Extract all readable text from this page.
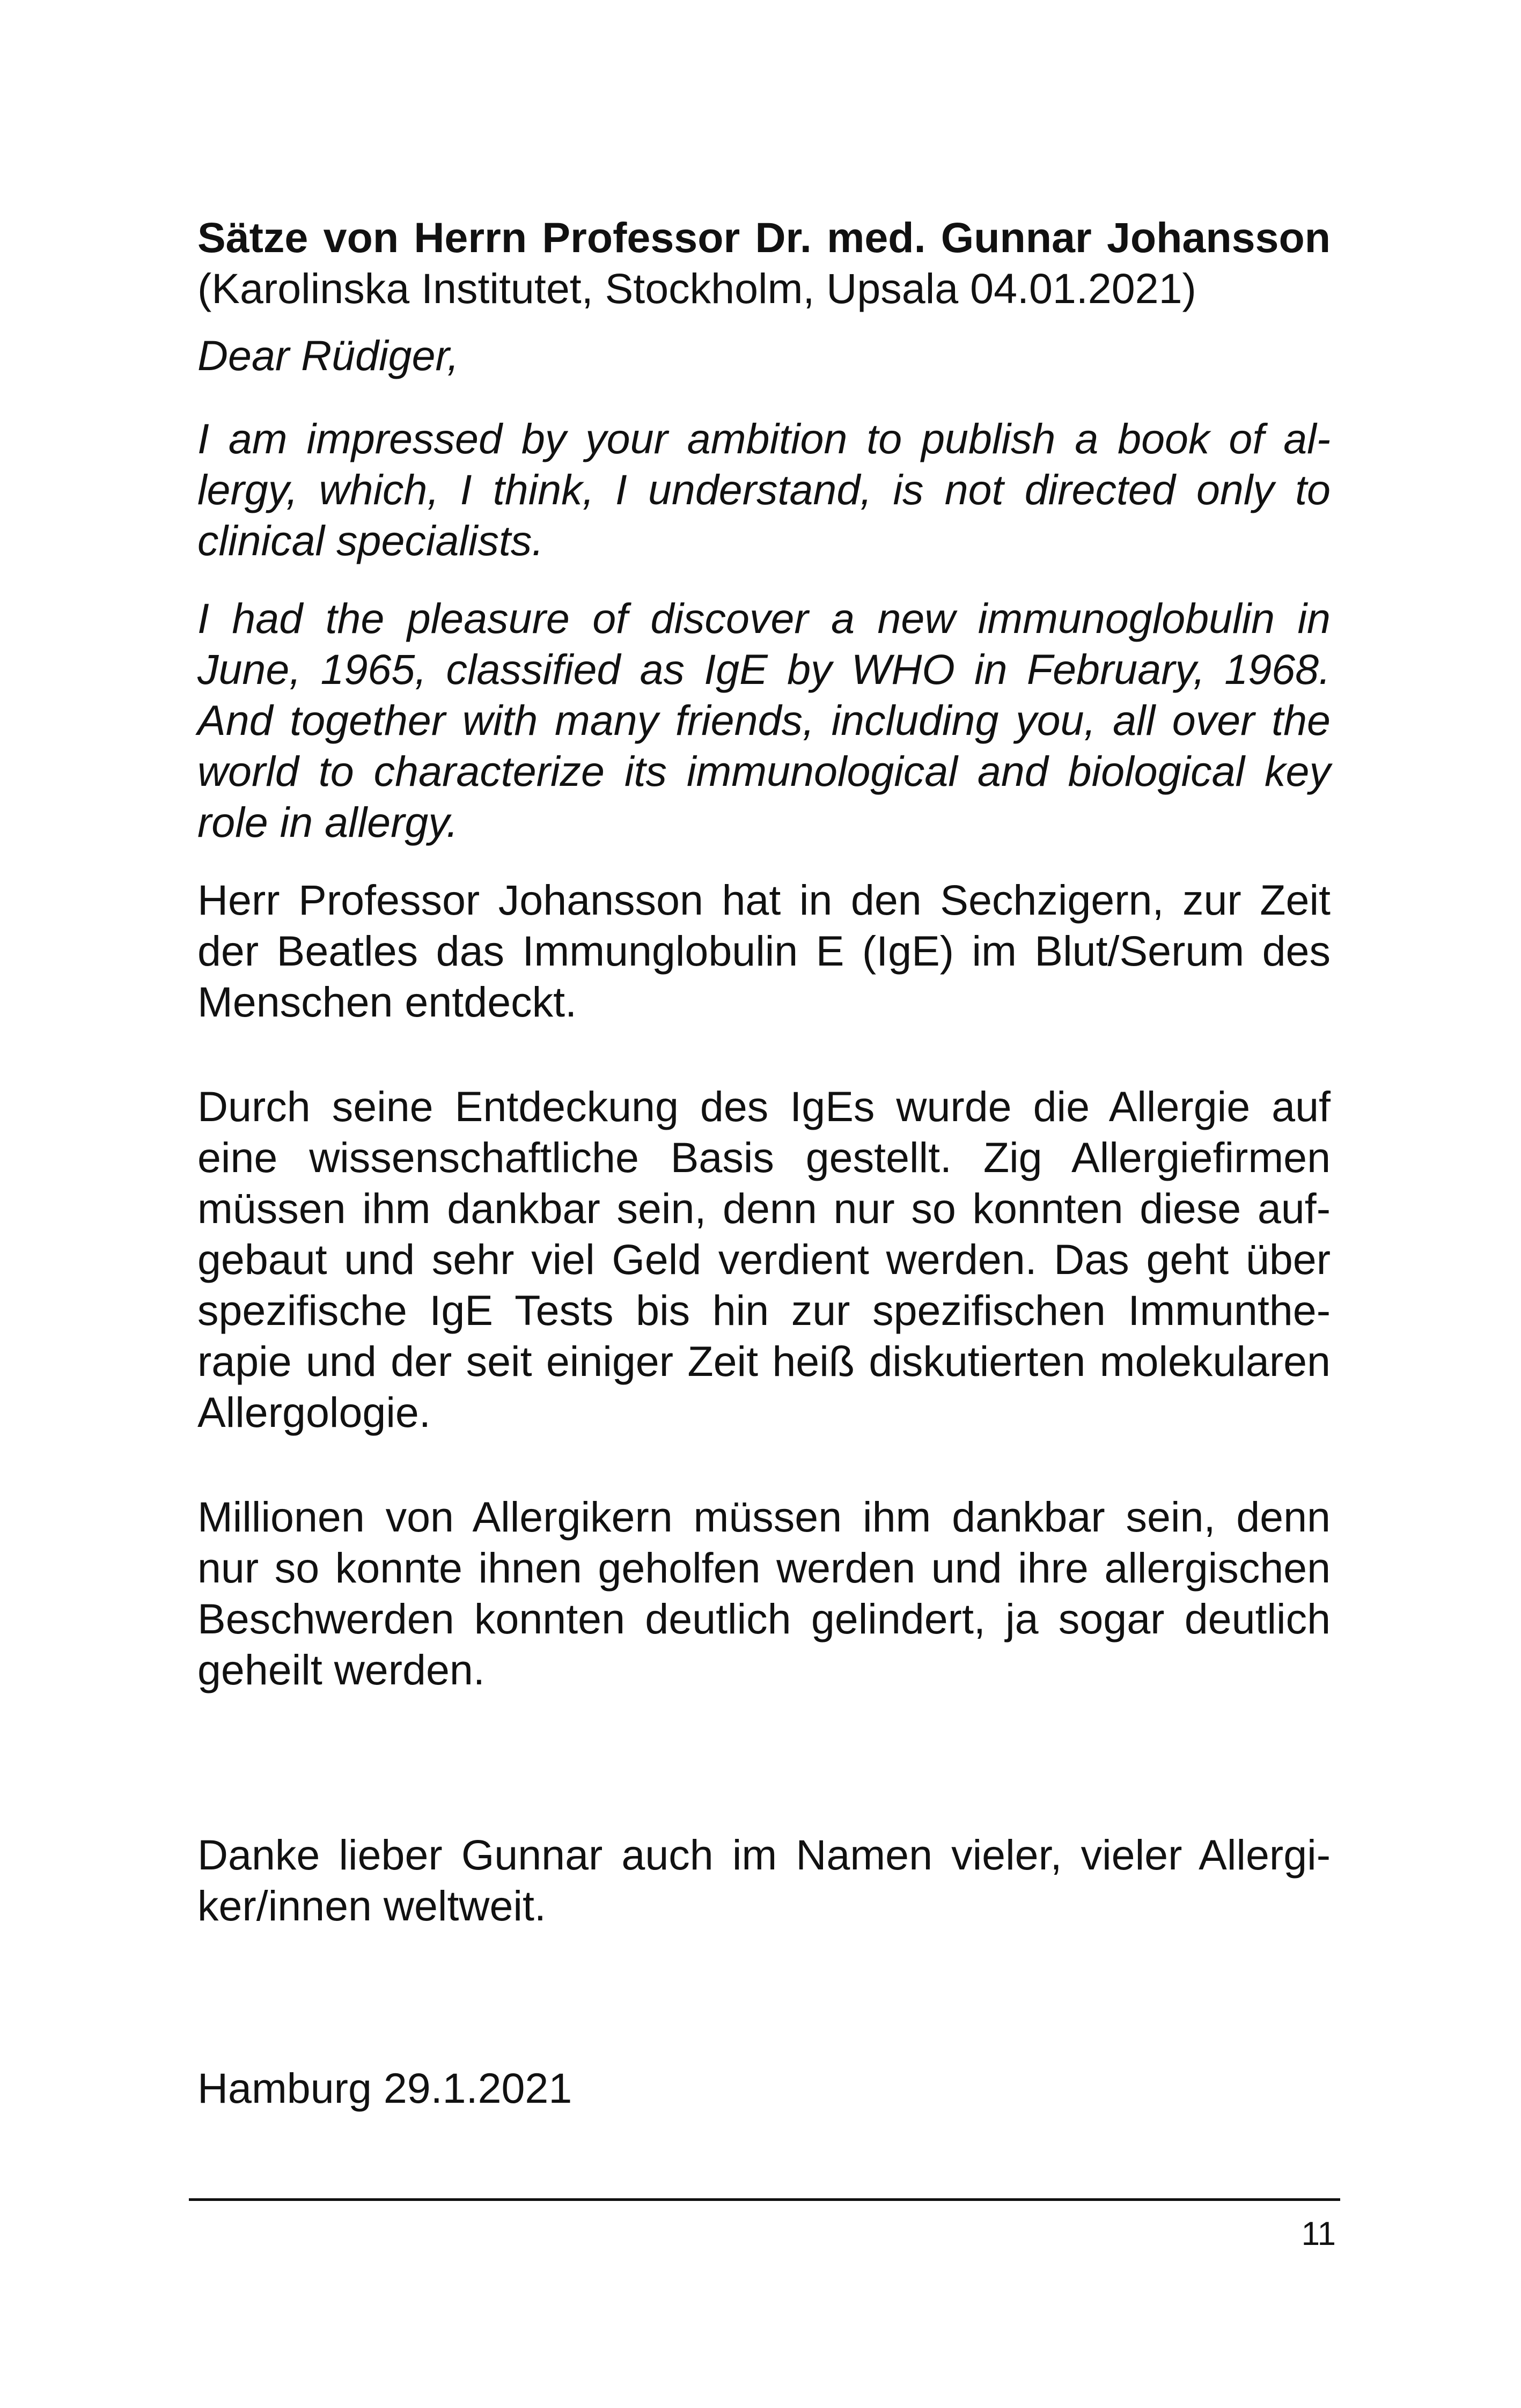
Sätze von Herrn Professor Dr. med. Gunnar Johansson (Karolinska Institutet, Stockholm, Upsala 04.01.2021)

Dear Rüdiger,

I am impressed by your ambition to publish a book of allergy, which, I think, I understand, is not directed only to clinical specialists.

I had the pleasure of discover a new immunoglobulin in June, 1965, classified as IgE by WHO in February, 1968. And together with many friends, including you, all over the world to characterize its immunological and biological key role in allergy.

Herr Professor Johansson hat in den Sechzigern, zur Zeit der Beatles das Immunglobulin E (IgE) im Blut/Serum des Menschen entdeckt.

Durch seine Entdeckung des IgEs wurde die Allergie auf eine wissenschaftliche Basis gestellt. Zig Allergiefirmen müssen ihm dankbar sein, denn nur so konnten diese aufgebaut und sehr viel Geld verdient werden. Das geht über spezifische IgE Tests bis hin zur spezifischen Immuntherapie und der seit einiger Zeit heiß diskutierten molekularen Allergologie.

Millionen von Allergikern müssen ihm dankbar sein, denn nur so konnte ihnen geholfen werden und ihre allergischen Beschwerden konnten deutlich gelindert, ja sogar deutlich geheilt werden.

Danke lieber Gunnar auch im Namen vieler, vieler Allergiker/innen weltweit.

Hamburg 29.1.2021

11
